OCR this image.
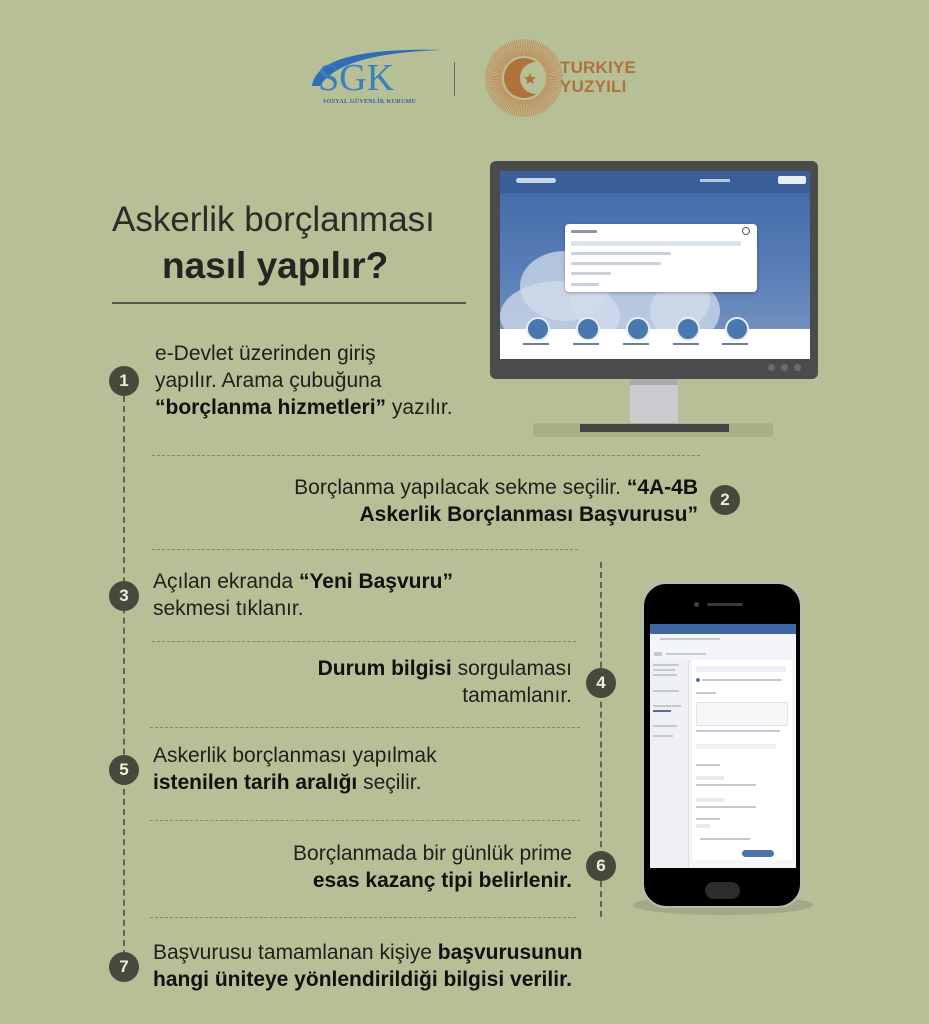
SGK
SOSYAL GÜVENLİK KURUMU
TURKIYE
YUZYILI
Askerlik borçlanması
nasıl yapılır?
1
2
3
4
5
6
7
e-Devlet üzerinden giriş
yapılır. Arama çubuğuna
“borçlanma hizmetleri” yazılır.
Borçlanma yapılacak sekme seçilir. “4A-4B
Askerlik Borçlanması Başvurusu”
Açılan ekranda “Yeni Başvuru”
sekmesi tıklanır.
Durum bilgisi sorgulaması
tamamlanır.
Askerlik borçlanması yapılmak
istenilen tarih aralığı seçilir.
Borçlanmada bir günlük prime
esas kazanç tipi belirlenir.
Başvurusu tamamlanan kişiye başvurusunun
hangi üniteye yönlendirildiği bilgisi verilir.
